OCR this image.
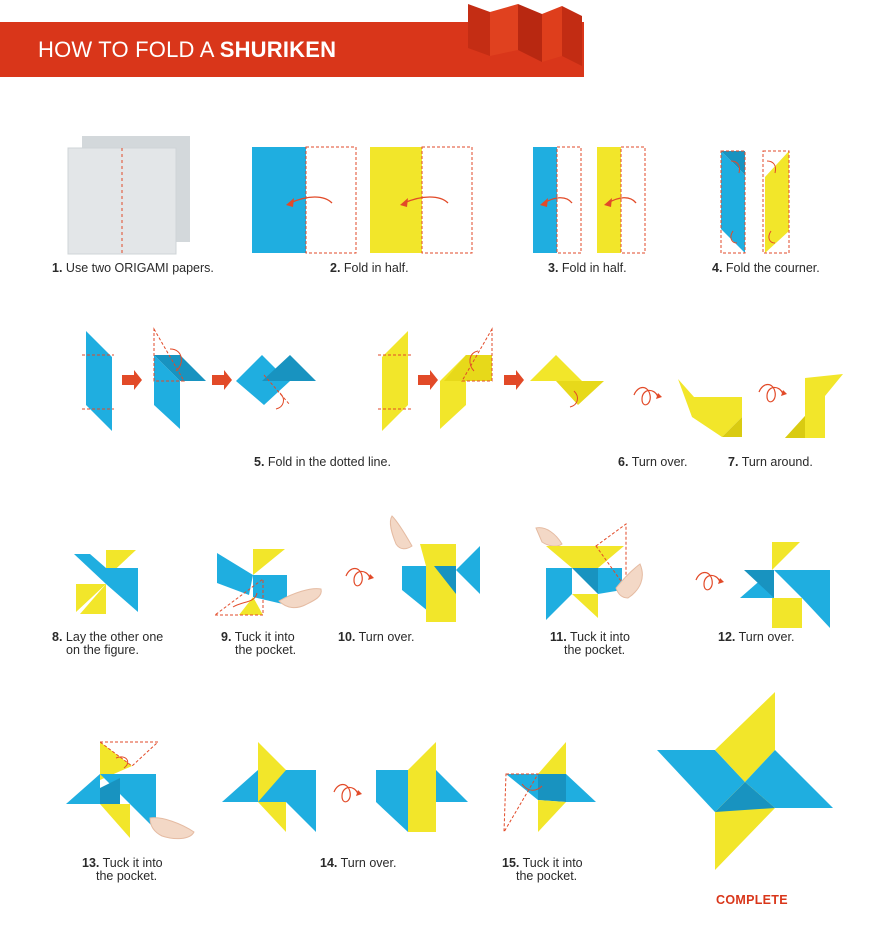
HOW TO FOLD A SHURIKEN
1. Use two ORIGAMI papers.	2. Fold in half.	3. Fold in half.	4. Fold the courner.
5. Fold in the dotted line.	6. Turn over.	7. Turn around.
8. Lay the other one
on the figure.
9. Tuck it into
the pocket.
10. Turn over.	11. Tuck it into
the pocket.
12. Turn over.
13. Tuck it into
the pocket.
14. Turn over.	15. Tuck it into
the pocket.
COMPLETE
